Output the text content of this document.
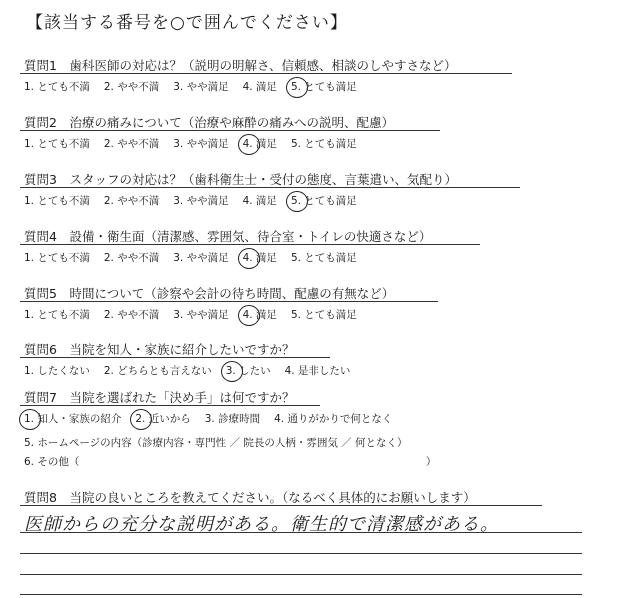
【該当する番号を○で囲んでください】
質問1　歯科医師の対応は？（説明の明解さ、信頼感、相談のしやすさなど）
1. とても不満 2. やや不満 3. やや満足 4. 満足 5. とても満足
質問2　治療の痛みについて（治療や麻酔の痛みへの説明、配慮）
1. とても不満 2. やや不満 3. やや満足 4. 満足 5. とても満足
質問3　スタッフの対応は？（歯科衛生士・受付の態度、言葉遣い、気配り）
1. とても不満 2. やや不満 3. やや満足 4. 満足 5. とても満足
質問4　設備・衛生面（清潔感、雰囲気、待合室・トイレの快適さなど）
1. とても不満 2. やや不満 3. やや満足 4. 満足 5. とても満足
質問5　時間について（診察や会計の待ち時間、配慮の有無など）
1. とても不満 2. やや不満 3. やや満足 4. 満足 5. とても満足
質問6　当院を知人・家族に紹介したいですか？
1. したくない 2. どちらとも言えない 3. したい 4. 是非したい
質問7　当院を選ばれた「決め手」は何ですか？
1. 知人・家族の紹介 2. 近いから 3. 診療時間 4. 通りがかりで何となく
5. ホームページの内容（診療内容・専門性 ／ 院長の人柄・雰囲気 ／ 何となく）
6. その他（　　　　　　　　　　　　　　　　　　　　　　　　　　　　　　　　　）
質問8　当院の良いところを教えてください。（なるべく具体的にお願いします）
医師からの充分な説明がある。衛生的で清潔感がある。
